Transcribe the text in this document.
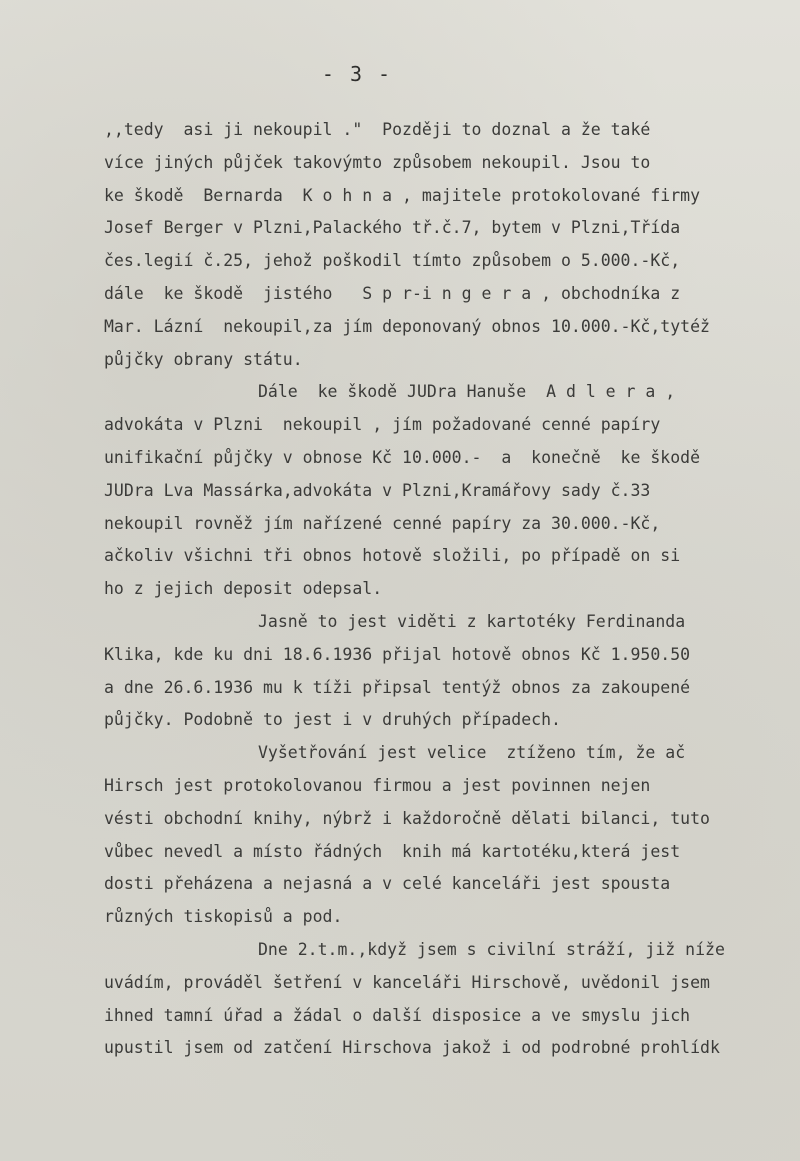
- 3 -
,,tedy  asi ji nekoupil ."  Později to doznal a že také
více jiných půjček takovýmto způsobem nekoupil. Jsou to
ke škodě  Bernarda  K o h n a , majitele protokolované firmy
Josef Berger v Plzni,Palackého tř.č.7, bytem v Plzni,Třída
čes.legií č.25, jehož poškodil tímto způsobem o 5.000.-Kč,
dále  ke škodě  jistého   S p r-i n g e r a , obchodníka z
Mar. Lázní  nekoupil,za jím deponovaný obnos 10.000.-Kč,tytéž
půjčky obrany státu.
Dále  ke škodě JUDra Hanuše  A d l e r a ,
advokáta v Plzni  nekoupil , jím požadované cenné papíry
unifikační půjčky v obnose Kč 10.000.-  a  konečně  ke škodě
JUDra Lva Massárka,advokáta v Plzni,Kramářovy sady č.33
nekoupil rovněž jím nařízené cenné papíry za 30.000.-Kč,
ačkoliv všichni tři obnos hotově složili, po případě on si
ho z jejich deposit odepsal.
Jasně to jest viděti z kartotéky Ferdinanda
Klika, kde ku dni 18.6.1936 přijal hotově obnos Kč 1.950.50
a dne 26.6.1936 mu k tíži připsal tentýž obnos za zakoupené
půjčky. Podobně to jest i v druhých případech.
Vyšetřování jest velice  ztíženo tím, že ač
Hirsch jest protokolovanou firmou a jest povinnen nejen
vésti obchodní knihy, nýbrž i každoročně dělati bilanci, tuto
vůbec nevedl a místo řádných  knih má kartotéku,která jest
dosti přeházena a nejasná a v celé kanceláři jest spousta
různých tiskopisů a pod.
Dne 2.t.m.,když jsem s civilní stráží, již níže
uvádím, prováděl šetření v kanceláři Hirschově, uvědonil jsem
ihned tamní úřad a žádal o další disposice a ve smyslu jich
upustil jsem od zatčení Hirschova jakož i od podrobné prohlídk
